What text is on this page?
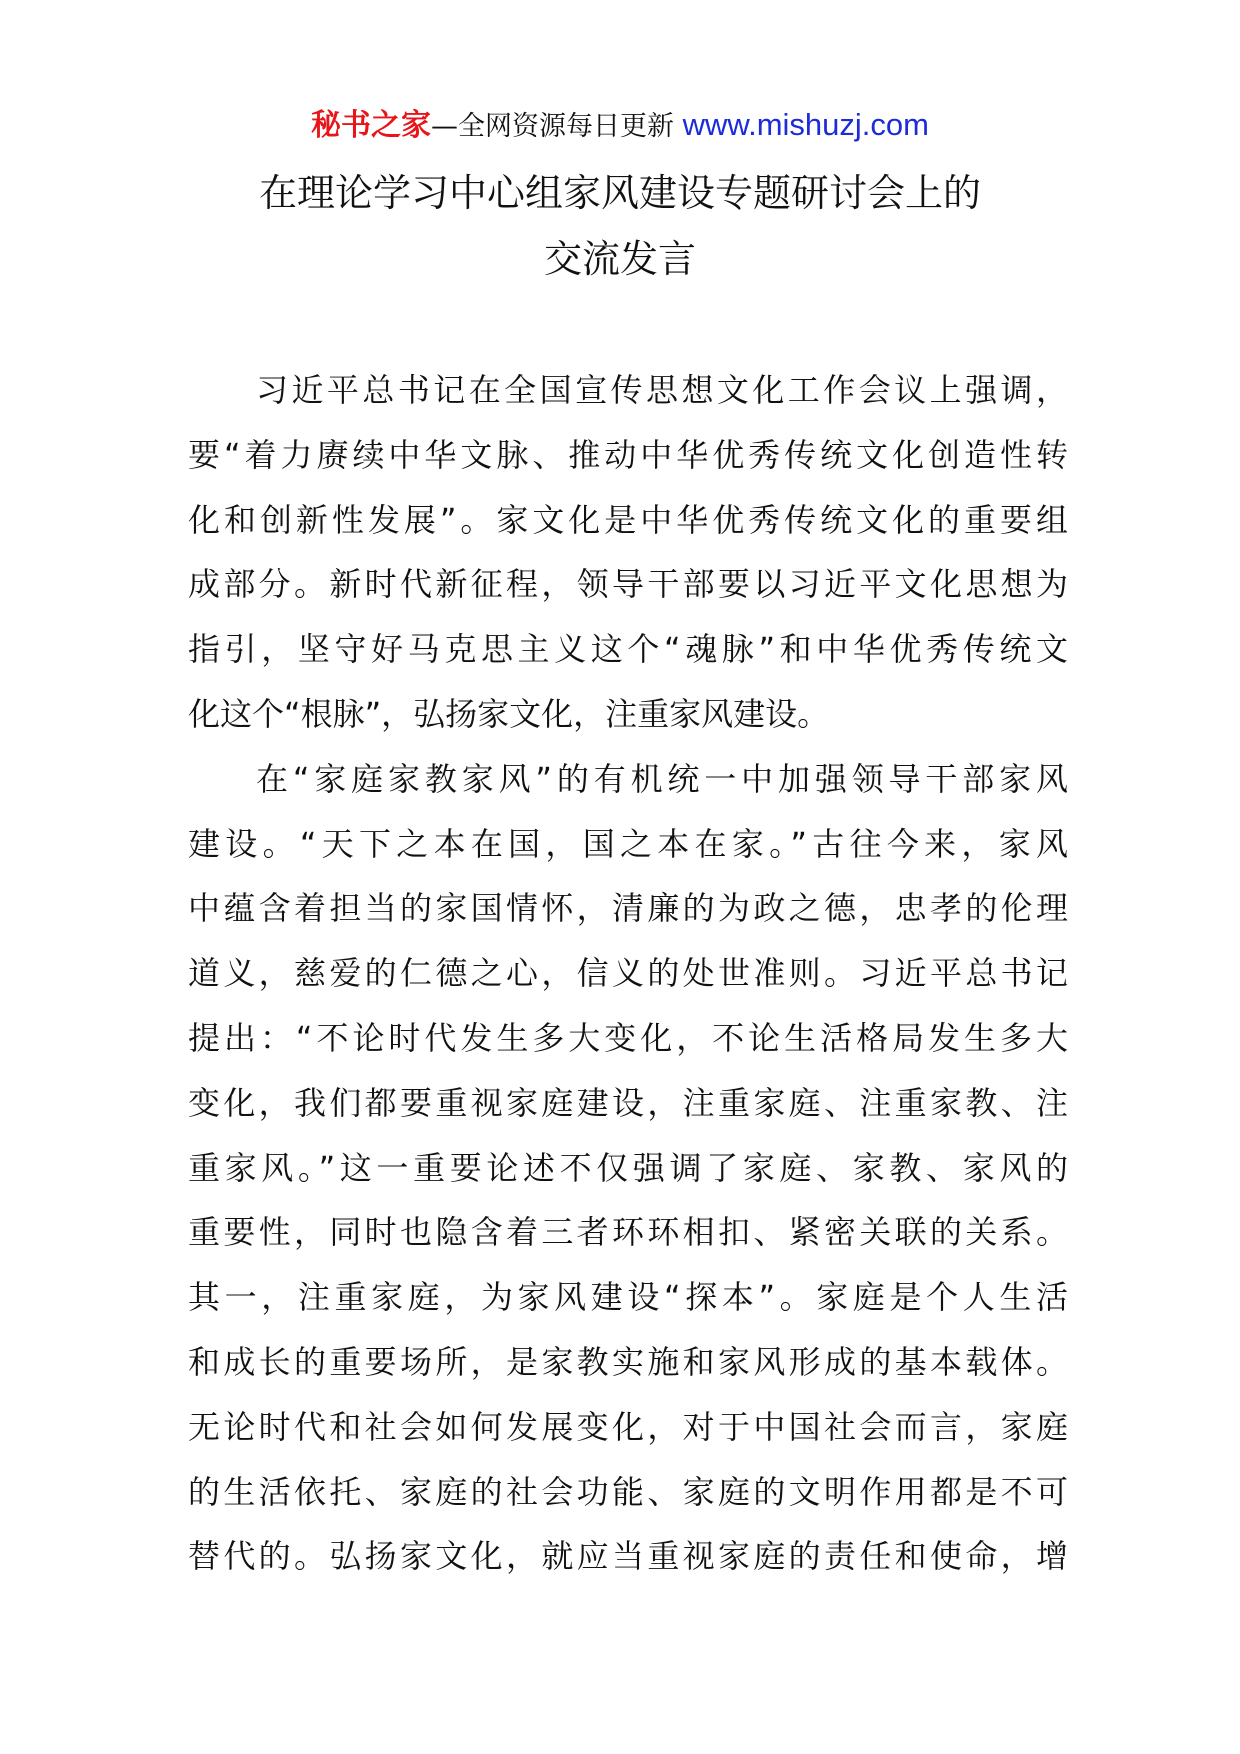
秘书之家—全网资源每日更新 www.mishuzj.com
在理论学习中心组家风建设专题研讨会上的
交流发言
习近平总书记在全国宣传思想文化工作会议上强调，
要“着力赓续中华文脉、推动中华优秀传统文化创造性转
化和创新性发展”。家文化是中华优秀传统文化的重要组
成部分。新时代新征程，领导干部要以习近平文化思想为
指引，坚守好马克思主义这个“魂脉”和中华优秀传统文
化这个“根脉”，弘扬家文化，注重家风建设。
在“家庭家教家风”的有机统一中加强领导干部家风
建设。“天下之本在国，国之本在家。”古往今来，家风
中蕴含着担当的家国情怀，清廉的为政之德，忠孝的伦理
道义，慈爱的仁德之心，信义的处世准则。习近平总书记
提出：“不论时代发生多大变化，不论生活格局发生多大
变化，我们都要重视家庭建设，注重家庭、注重家教、注
重家风。”这一重要论述不仅强调了家庭、家教、家风的
重要性，同时也隐含着三者环环相扣、紧密关联的关系。
其一，注重家庭，为家风建设“探本”。家庭是个人生活
和成长的重要场所，是家教实施和家风形成的基本载体。
无论时代和社会如何发展变化，对于中国社会而言，家庭
的生活依托、家庭的社会功能、家庭的文明作用都是不可
替代的。弘扬家文化，就应当重视家庭的责任和使命，增
